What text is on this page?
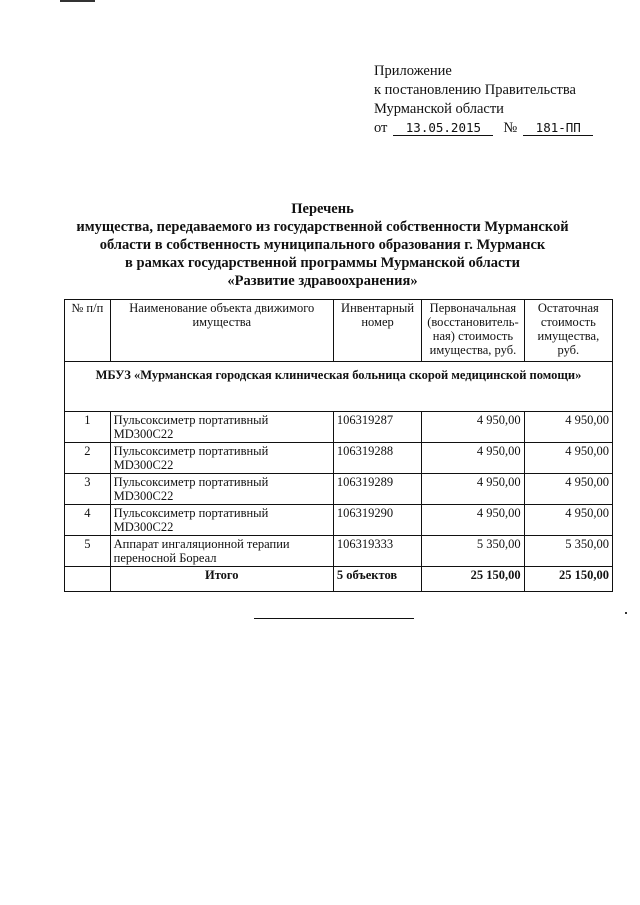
Приложение
к постановлению Правительства
Мурманской области
от 13.05.2015 № 181-ПП
Перечень
имущества, передаваемого из государственной собственности Мурманской
области в собственность муниципального образования г. Мурманск
в рамках государственной программы Мурманской области
«Развитие здравоохранения»
№ п/п	Наименование объекта движимого имущества	Инвентарный номер	Первоначальная (восстановитель-ная) стоимость имущества, руб.	Остаточная стоимость имущества, руб.
МБУЗ «Мурманская городская клиническая больница скорой медицинской помощи»				
1	Пульсоксиметр портативный MD300C22	106319287	4 950,00	4 950,00
2	Пульсоксиметр портативный MD300C22	106319288	4 950,00	4 950,00
3	Пульсоксиметр портативный MD300C22	106319289	4 950,00	4 950,00
4	Пульсоксиметр портативный MD300C22	106319290	4 950,00	4 950,00
5	Аппарат ингаляционной терапии переносной Бореал	106319333	5 350,00	5 350,00
	Итого	5 объектов	25 150,00	25 150,00
